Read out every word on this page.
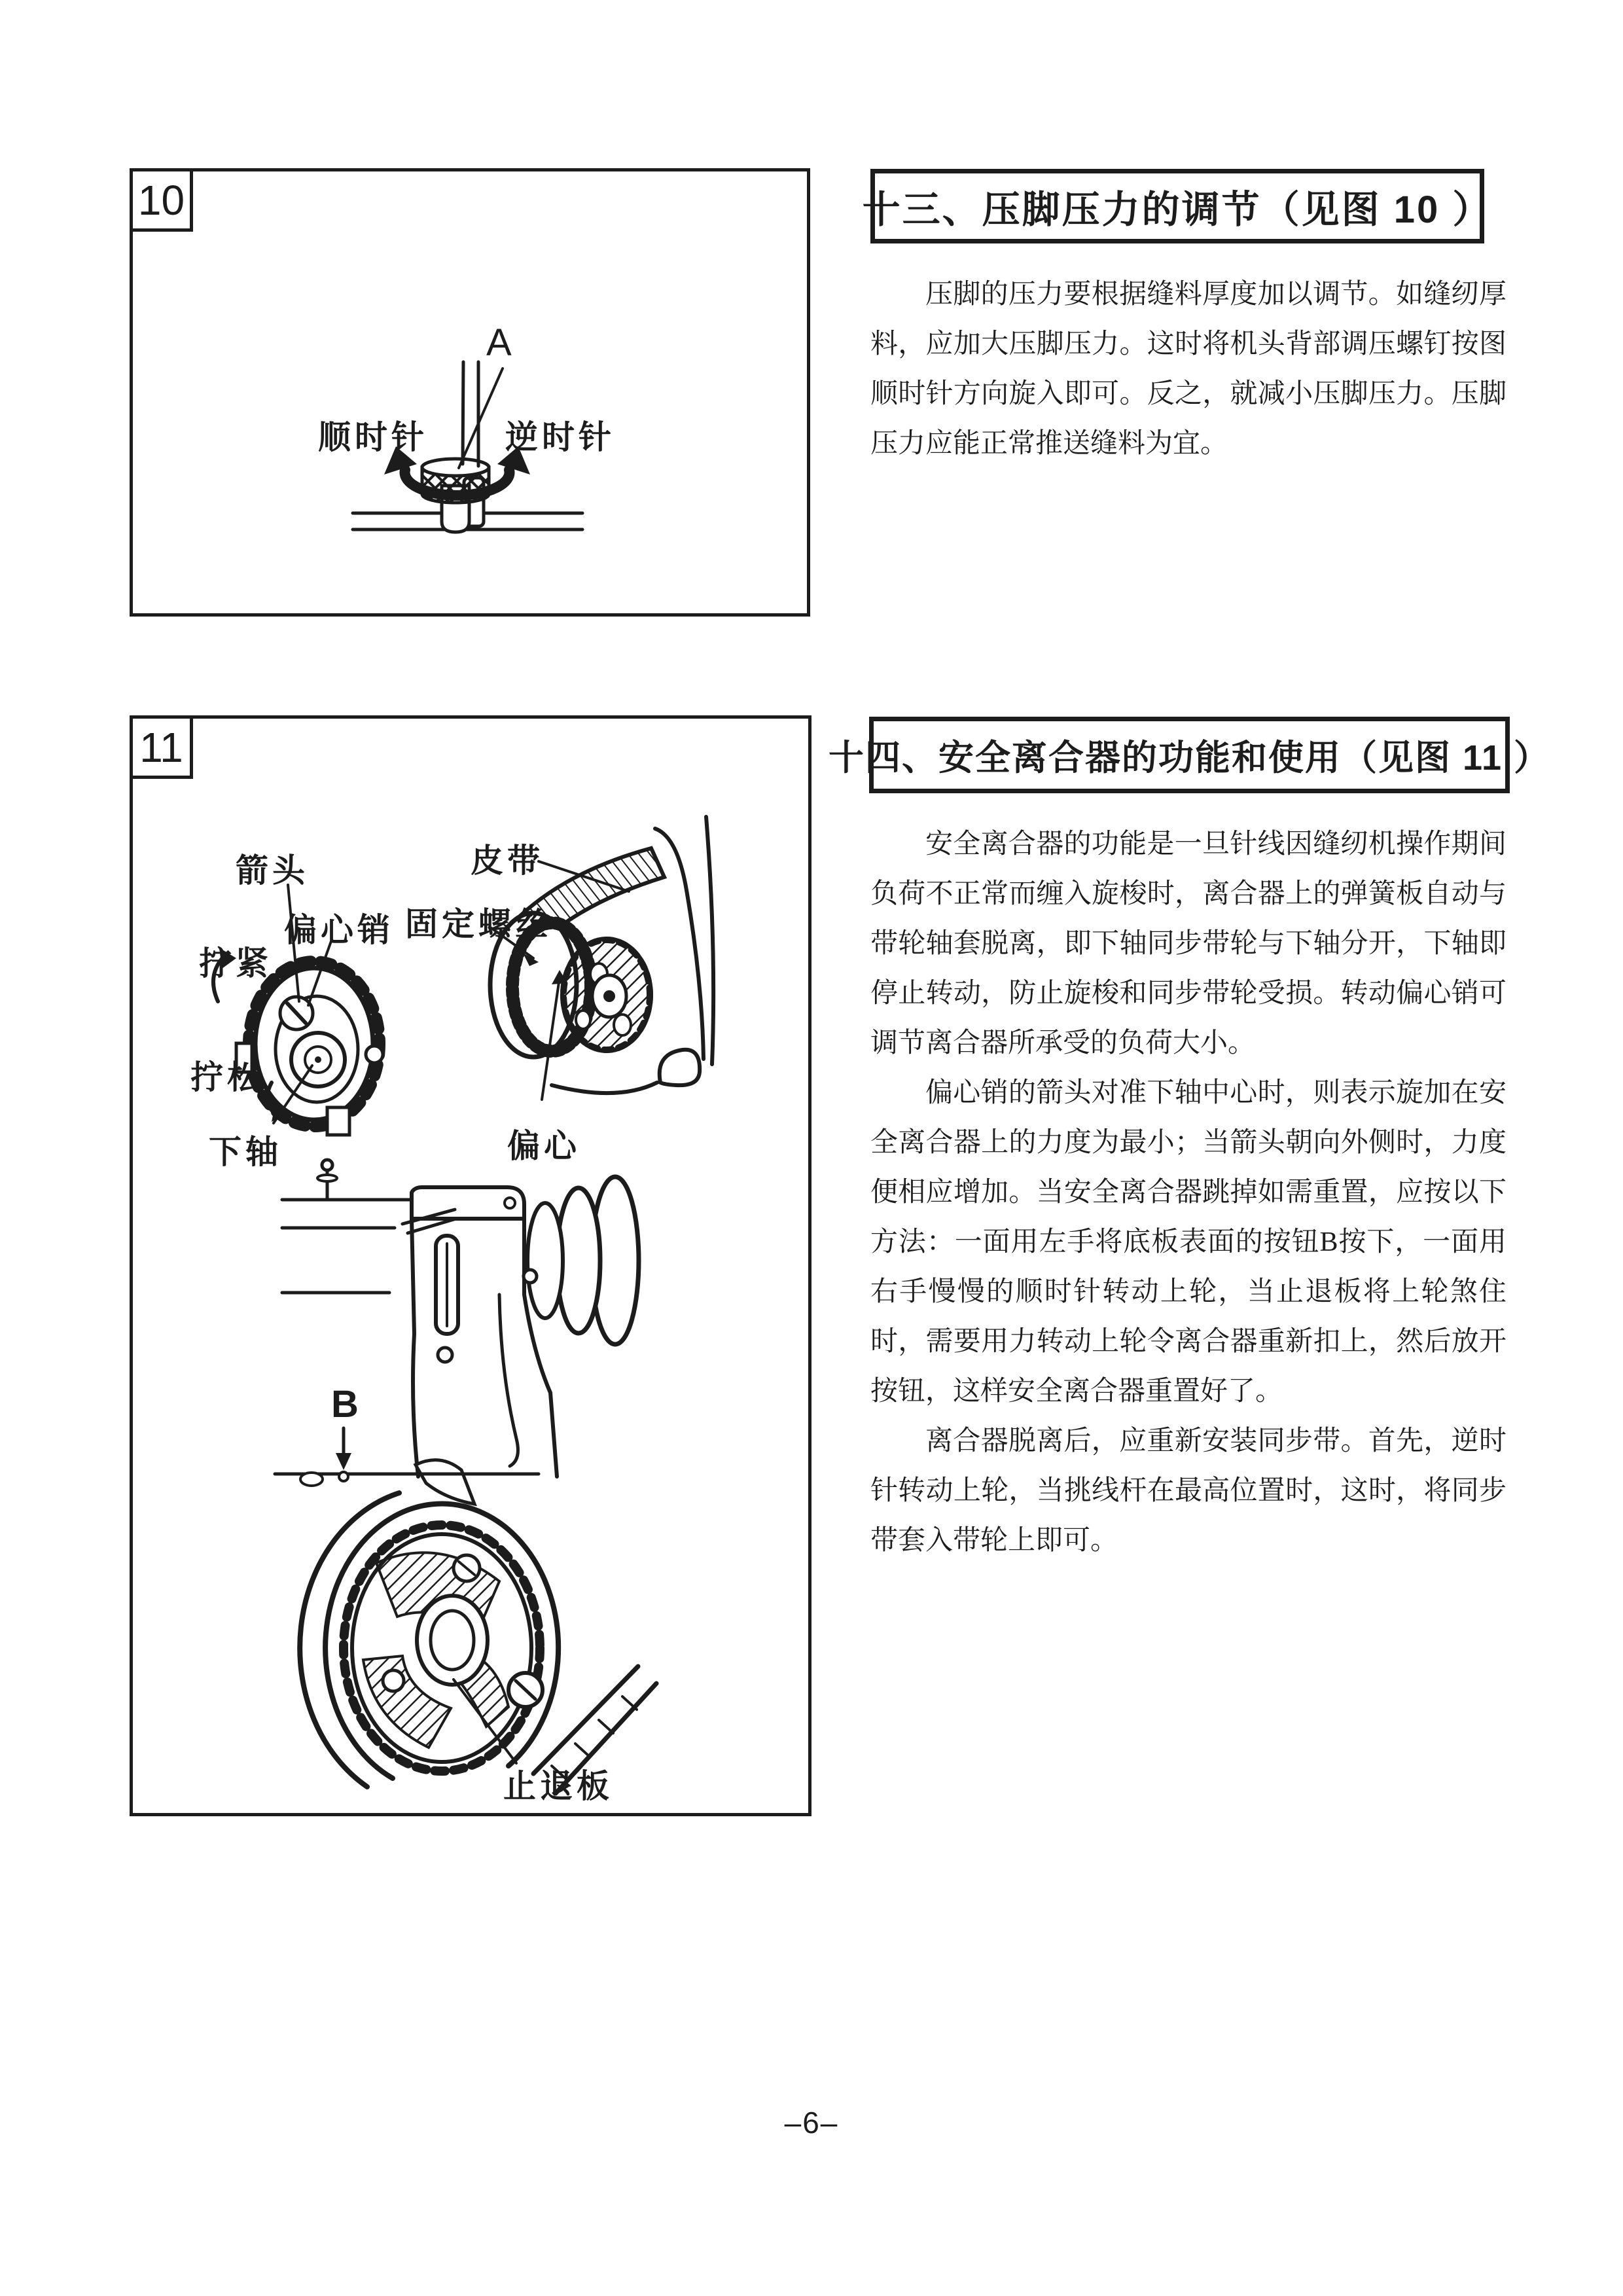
10
A
顺时针 逆时针
十三、压脚压力的调节（见图 10 ）

压脚的压力要根据缝料厚度加以调节。如缝纫厚料，应加大压脚压力。这时将机头背部调压螺钉按图顺时针方向旋入即可。反之，就减小压脚压力。压脚压力应能正常推送缝料为宜。

11
箭头
偏心销
拧紧
皮带
固定螺丝
拧松
下轴	偏心
B
止退板
十四、安全离合器的功能和使用（见图 11 ）

安全离合器的功能是一旦针线因缝纫机操作期间负荷不正常而缠入旋梭时，离合器上的弹簧板自动与带轮轴套脱离，即下轴同步带轮与下轴分开，下轴即停止转动，防止旋梭和同步带轮受损。转动偏心销可调节离合器所承受的负荷大小。

偏心销的箭头对准下轴中心时，则表示旋加在安全离合器上的力度为最小；当箭头朝向外侧时，力度便相应增加。当安全离合器跳掉如需重置，应按以下方法：一面用左手将底板表面的按钮B按下，一面用右手慢慢的顺时针转动上轮，当止退板将上轮煞住时，需要用力转动上轮令离合器重新扣上，然后放开按钮，这样安全离合器重置好了。

离合器脱离后，应重新安装同步带。首先，逆时针转动上轮，当挑线杆在最高位置时，这时，将同步带套入带轮上即可。

–6–
